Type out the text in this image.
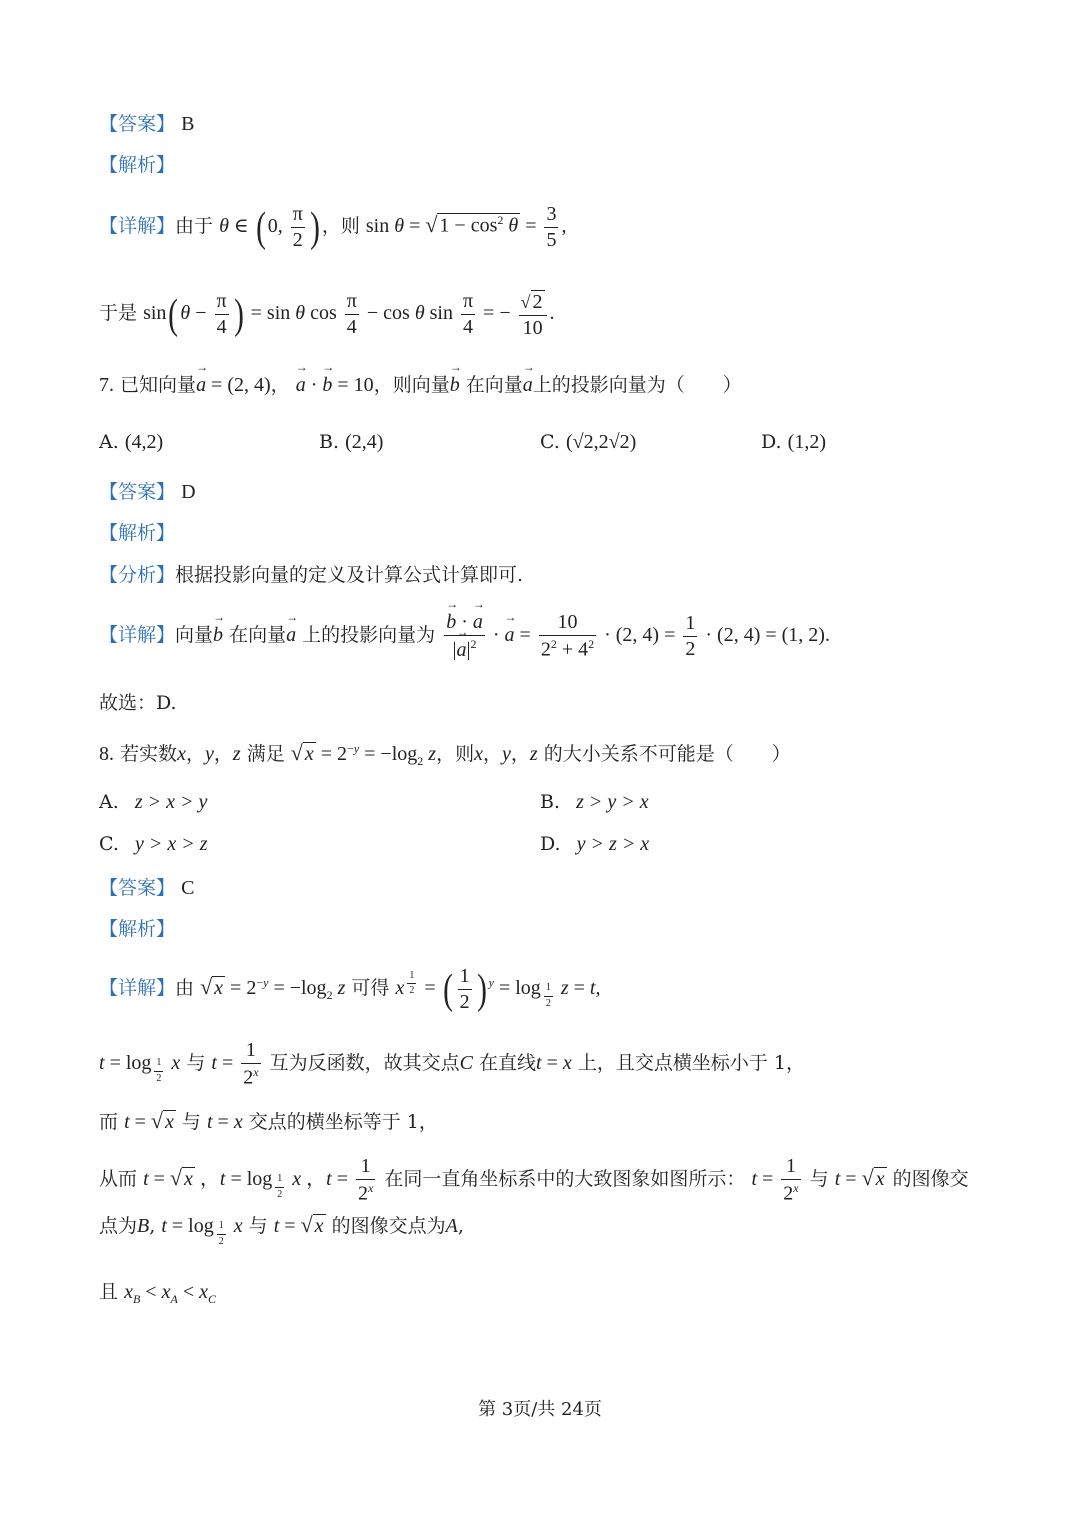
【答案】 B
【解析】
【详解】由于 θ ∈ ( 0, $\frac{\pi}{2}$ ) ，则 sin θ = √ $1 - \cos^2 \theta = \frac{3}{5}$ ,
于是 sin( $\theta - \frac{\pi}{4}$ ) = sin θ $\cos \frac{\pi}{4} - \cos \theta$ $\sin \frac{\pi}{4}$ = − $\frac{√ 2}{10}$ .
7. 已知向量→ a = (2, 4)， → a · → b = 10，则向量→ b 在向量→ a上的投影向量为（　　）
A. (4,2)	B. (2,4)	C. (√2,2√2)	D. (1,2)
【答案】 D
【解析】
【分析】根据投影向量的定义及计算公式计算即可.
【详解】向量→ b 在向量→ a 上的投影向量为 → $\frac{b \cdot \to a}{|\to a|^2}$ · → $a = \frac{10}{2^2 + 4^2} \cdot (2$, $4) = \frac{1}{2} \cdot (2$, 4) = (1, 2).
故选：D.
8. 若实数x，y，z 满足 √ $x = 2^{-y} = -\log_2$ z，则x，y，z 的大小关系不可能是（　　）
A. z > x > y	B. z > y > x
C. y > x > z	D. y > z > x
【答案】 C
【解析】
【详解】由 √ $x = 2^{-y} = -\log_2$ z 可得 x $^{\frac{1}{2}}$ = ( $\frac{1}{2}$ ) $^y$ = log $_{\frac{1}{2}}$ z = t,
t = log $_{\frac{1}{2}}$ x 与 $t = \frac{1}{2^x}$ 互为反函数，故其交点C 在直线t = x 上，且交点横坐标小于 1，
而 t = √ x 与 t = x 交点的横坐标等于 1，
从而 t = √ x ，t = log $_{\frac{1}{2}}$ x ，$t = \frac{1}{2^x}$ 在同一直角坐标系中的大致图象如图所示： $t = \frac{1}{2^x}$ 与 t = √ x 的图像交
点为B, t = log $_{\frac{1}{2}}$ x 与 t = √ x 的图像交点为A,
且 $x_B < x_A < x_C$
第 3页/共 24页
